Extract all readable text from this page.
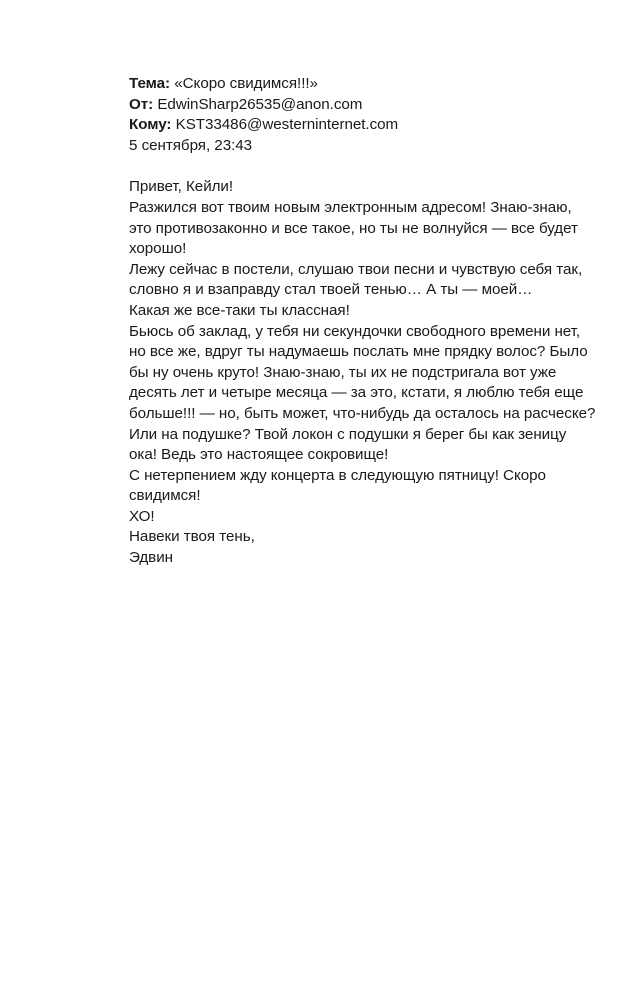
Тема: «Скоро свидимся!!!»
От: EdwinSharp26535@anon.com
Кому: KST33486@westerninternet.com
5 сентября, 23:43
Привет, Кейли!
Разжился вот твоим новым электронным адресом! Знаю-знаю,
это противозаконно и все такое, но ты не волнуйся — все будет
хорошо!
Лежу сейчас в постели, слушаю твои песни и чувствую себя так,
словно я и взаправду стал твоей тенью… А ты — моей…
Какая же все-таки ты классная!
Бьюсь об заклад, у тебя ни секундочки свободного времени нет,
но все же, вдруг ты надумаешь послать мне прядку волос? Было
бы ну очень круто! Знаю-знаю, ты их не подстригала вот уже
десять лет и четыре месяца — за это, кстати, я люблю тебя еще
больше!!! — но, быть может, что-нибудь да осталось на расческе?
Или на подушке? Твой локон с подушки я берег бы как зеницу
ока! Ведь это настоящее сокровище!
С нетерпением жду концерта в следующую пятницу! Скоро
свидимся!
ХО!
Навеки твоя тень,
Эдвин
